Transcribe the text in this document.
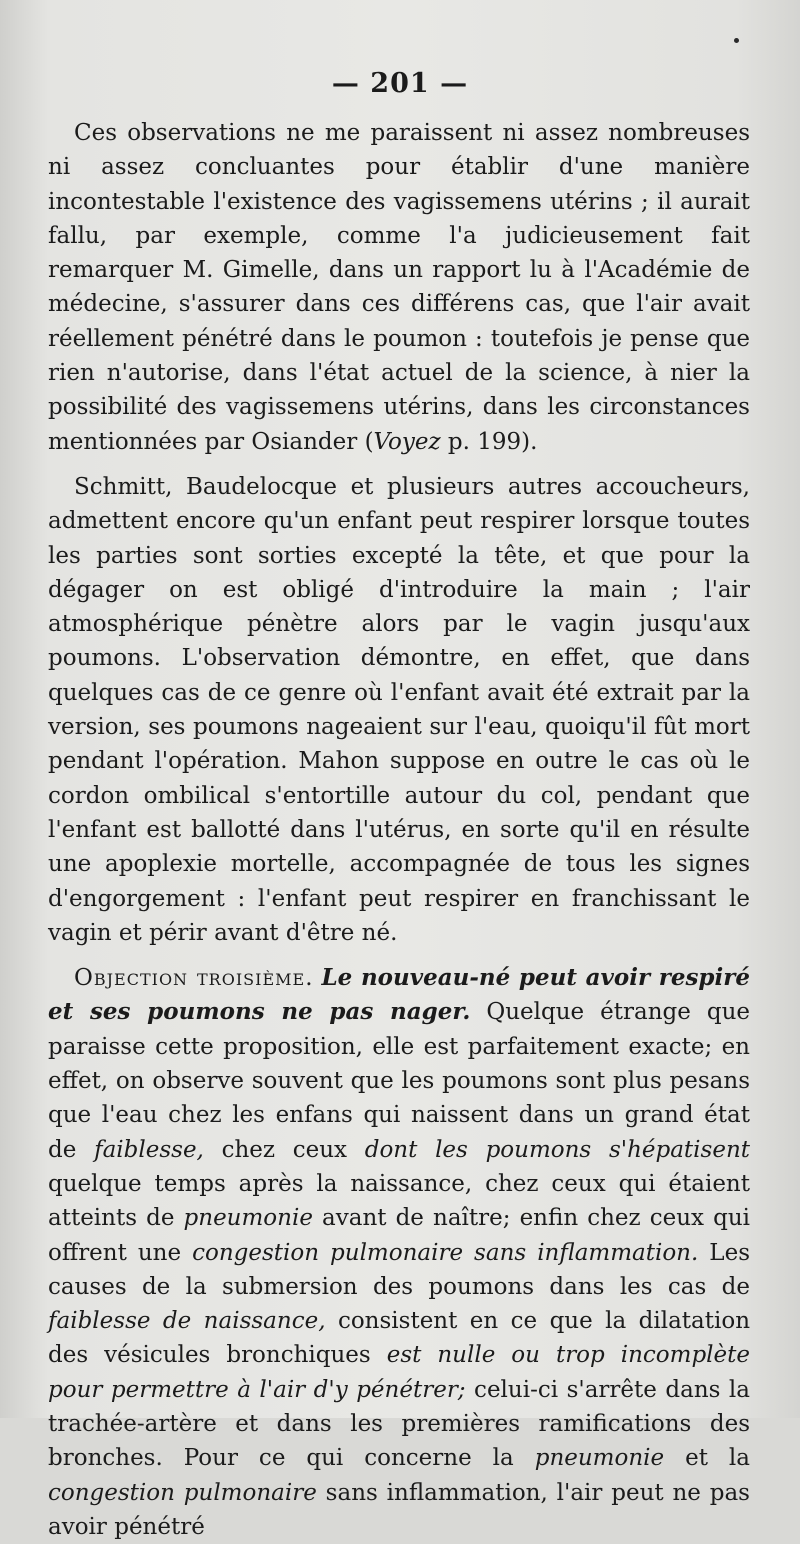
— 201 —

Ces observations ne me paraissent ni assez nombreuses ni assez concluantes pour établir d'une manière incontestable l'existence des vagissemens utérins ; il aurait fallu, par exemple, comme l'a judicieusement fait remarquer M. Gimelle, dans un rapport lu à l'Académie de médecine, s'assurer dans ces différens cas, que l'air avait réellement pénétré dans le poumon : toutefois je pense que rien n'autorise, dans l'état actuel de la science, à nier la possibilité des vagissemens utérins, dans les circonstances mentionnées par Osiander (Voyez p. 199).

Schmitt, Baudelocque et plusieurs autres accoucheurs, admettent encore qu'un enfant peut respirer lorsque toutes les parties sont sorties excepté la tête, et que pour la dégager on est obligé d'introduire la main ; l'air atmosphérique pénètre alors par le vagin jusqu'aux poumons. L'observation démontre, en effet, que dans quelques cas de ce genre où l'enfant avait été extrait par la version, ses poumons nageaient sur l'eau, quoiqu'il fût mort pendant l'opération. Mahon suppose en outre le cas où le cordon ombilical s'entortille autour du col, pendant que l'enfant est ballotté dans l'utérus, en sorte qu'il en résulte une apoplexie mortelle, accompagnée de tous les signes d'engorgement : l'enfant peut respirer en franchissant le vagin et périr avant d'être né.

Objection troisième. Le nouveau-né peut avoir respiré et ses poumons ne pas nager. Quelque étrange que paraisse cette proposition, elle est parfaitement exacte; en effet, on observe souvent que les poumons sont plus pesans que l'eau chez les enfans qui naissent dans un grand état de faiblesse, chez ceux dont les poumons s'hépatisent quelque temps après la naissance, chez ceux qui étaient atteints de pneumonie avant de naître; enfin chez ceux qui offrent une congestion pulmonaire sans inflammation. Les causes de la submersion des poumons dans les cas de faiblesse de naissance, consistent en ce que la dilatation des vésicules bronchiques est nulle ou trop incomplète pour permettre à l'air d'y pénétrer; celui-ci s'arrête dans la trachée-artère et dans les premières ramifications des bronches. Pour ce qui concerne la pneumonie et la congestion pulmonaire sans inflammation, l'air peut ne pas avoir pénétré
